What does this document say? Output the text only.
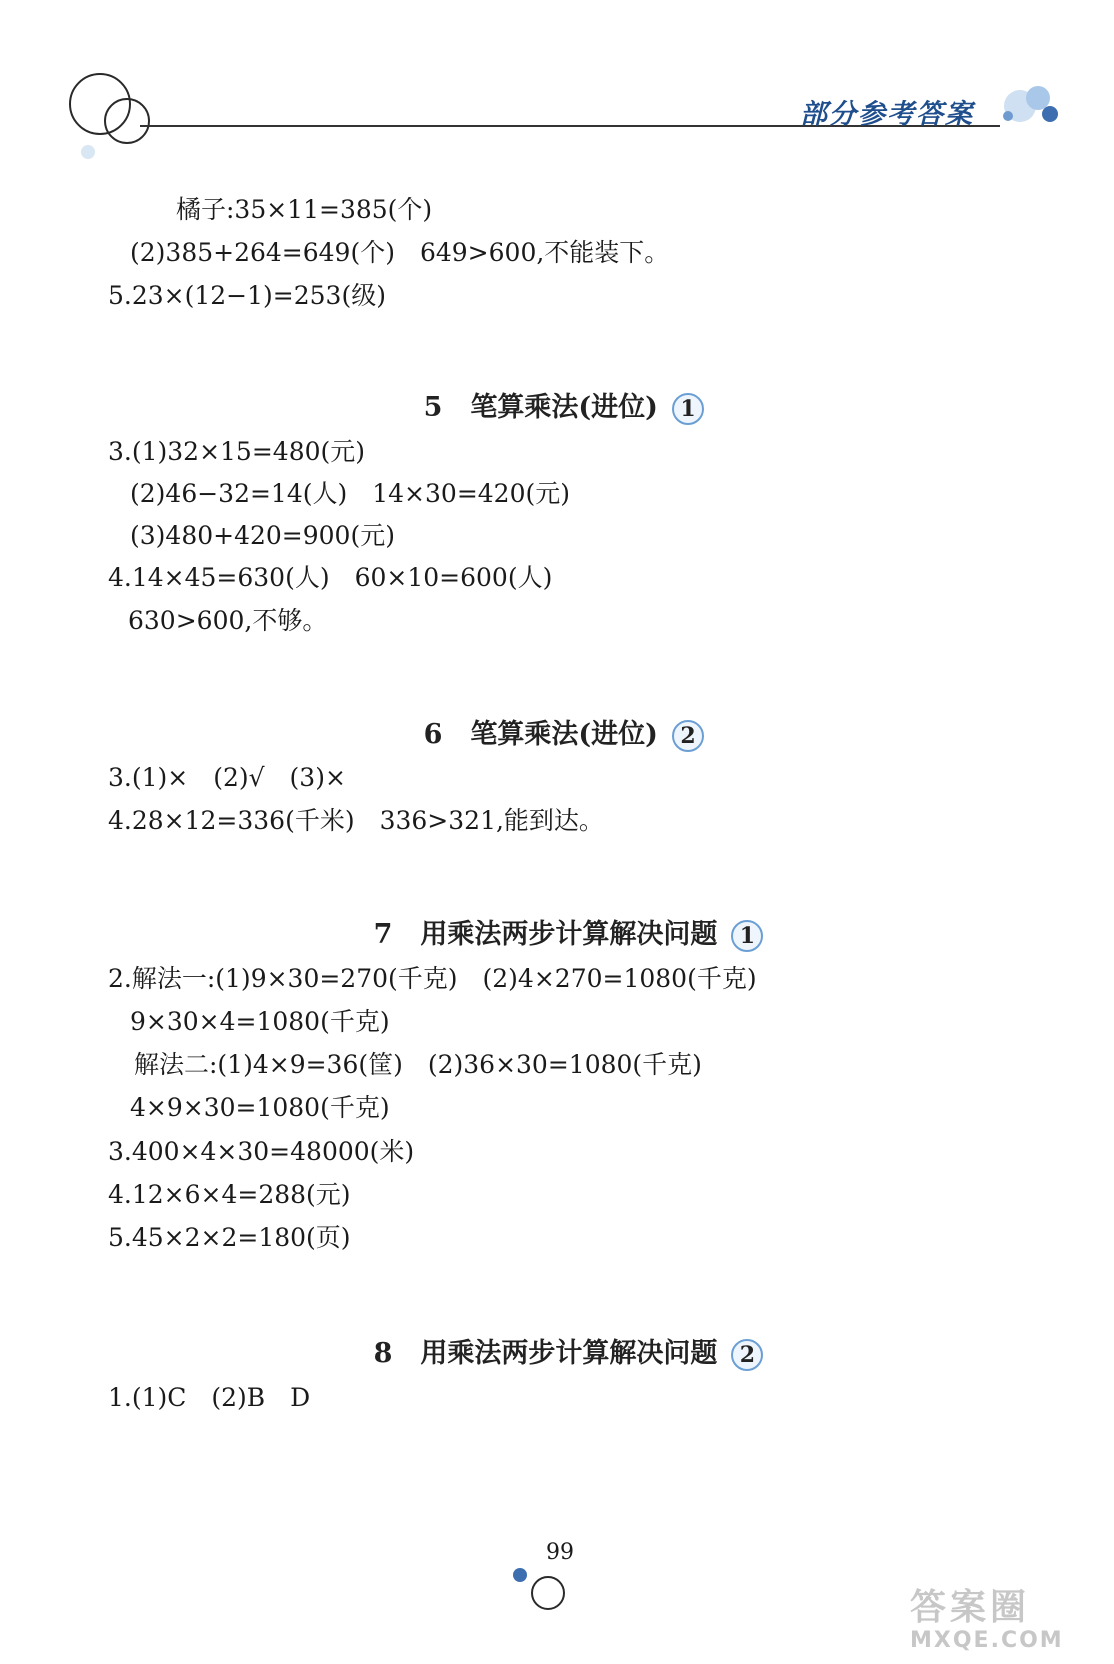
部分参考答案
橘子:35×11=385(个)
(2)385+264=649(个)　649>600,不能装下。
5.23×(12−1)=253(级)

5 笔算乘法(进位) 1

3.(1)32×15=480(元)
(2)46−32=14(人)　14×30=420(元)
(3)480+420=900(元)
4.14×45=630(人)　60×10=600(人)
630>600,不够。

6 笔算乘法(进位) 2

3.(1)×　(2)√　(3)×
4.28×12=336(千米)　336>321,能到达。

7 用乘法两步计算解决问题 1

2.解法一:(1)9×30=270(千克)　(2)4×270=1080(千克)
9×30×4=1080(千克)
解法二:(1)4×9=36(筐)　(2)36×30=1080(千克)
4×9×30=1080(千克)
3.400×4×30=48000(米)
4.12×6×4=288(元)
5.45×2×2=180(页)

8 用乘法两步计算解决问题 2

1.(1)C　(2)B　D
99
答案圈
MXQE.COM
